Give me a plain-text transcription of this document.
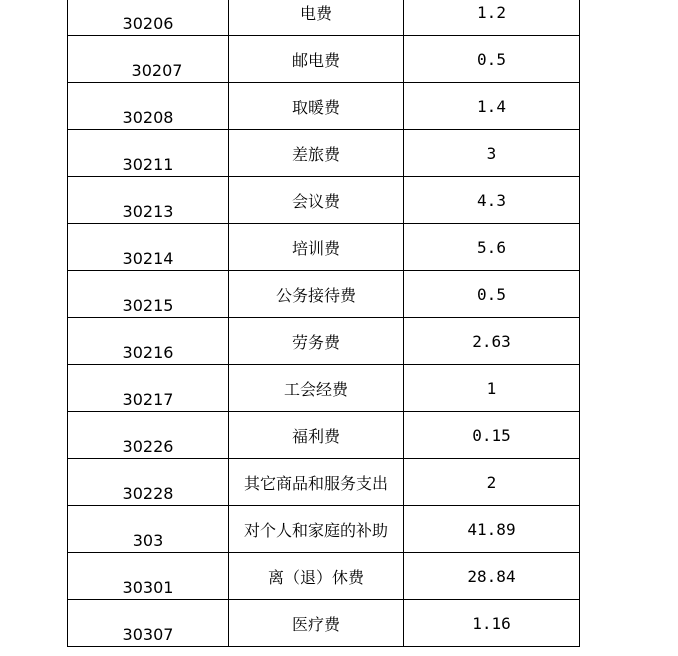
30206	电费	1.2
30207	邮电费	0.5
30208	取暖费	1.4
30211	差旅费	3
30213	会议费	4.3
30214	培训费	5.6
30215	公务接待费	0.5
30216	劳务费	2.63
30217	工会经费	1
30226	福利费	0.15
30228	其它商品和服务支出	2
303	对个人和家庭的补助	41.89
30301	离（退）休费	28.84
30307	医疗费	1.16
